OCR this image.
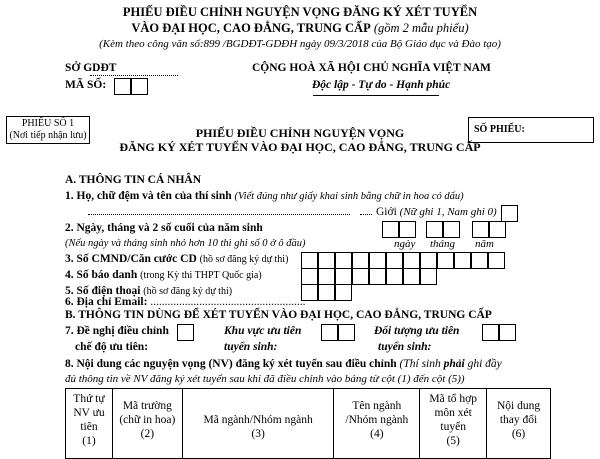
PHIẾU ĐIỀU CHỈNH NGUYỆN VỌNG ĐĂNG KÝ XÉT TUYỂN
VÀO ĐẠI HỌC, CAO ĐẲNG, TRUNG CẤP (gồm 2 mẫu phiếu)
(Kèm theo công văn số:899 /BGDĐT-GDĐH ngày 09/3/2018 của Bộ Giáo dục và Đào tạo)
SỞ GDĐT
MÃ SỐ:
CỘNG HOÀ XÃ HỘI CHỦ NGHĨA VIỆT NAM
Độc lập - Tự do - Hạnh phúc
PHIẾU SỐ 1
(Nơi tiếp nhận lưu)
SỐ PHIẾU:
PHIẾU ĐIỀU CHỈNH NGUYỆN VỌNG
ĐĂNG KÝ XÉT TUYỂN VÀO ĐẠI HỌC, CAO ĐẲNG, TRUNG CẤP
A. THÔNG TIN CÁ NHÂN
1. Họ, chữ đệm và tên của thí sinh (Viết đúng như giấy khai sinh bằng chữ in hoa có dấu)
Giới (Nữ ghi 1, Nam ghi 0)
2. Ngày, tháng và 2 số cuối của năm sinh
(Nếu ngày và tháng sinh nhỏ hơn 10 thì ghi số 0 ở ô đầu)	ngày tháng năm
3. Số CMND/Căn cước CD (hồ sơ đăng ký dự thi)
4. Số báo danh (trong Kỳ thi THPT Quốc gia)
5. Số điện thoại (hồ sơ đăng ký dự thi)
6. Địa chỉ Email: ......................................................
B. THÔNG TIN DÙNG ĐỂ XÉT TUYỂN VÀO ĐẠI HỌC, CAO ĐẲNG, TRUNG CẤP
7. Đề nghị điều chỉnh
chế độ ưu tiên:
Khu vực ưu tiên
tuyển sinh:
Đối tượng ưu tiên
tuyển sinh:
8. Nội dung các nguyện vọng (NV) đăng ký xét tuyển sau điều chỉnh (Thí sinh phải ghi đầy
đủ thông tin về NV đăng ký xét tuyển sau khi đã điều chỉnh vào bảng từ cột (1) đến cột (5))
Thứ tự
NV ưu
tiên
(1)

Mã trường
(chữ in hoa)
(2)

Mã ngành/Nhóm ngành
(3)

Tên ngành
/Nhóm ngành
(4)

Mã tổ hợp
môn xét
tuyển
(5)

Nội dung
thay đổi
(6)
